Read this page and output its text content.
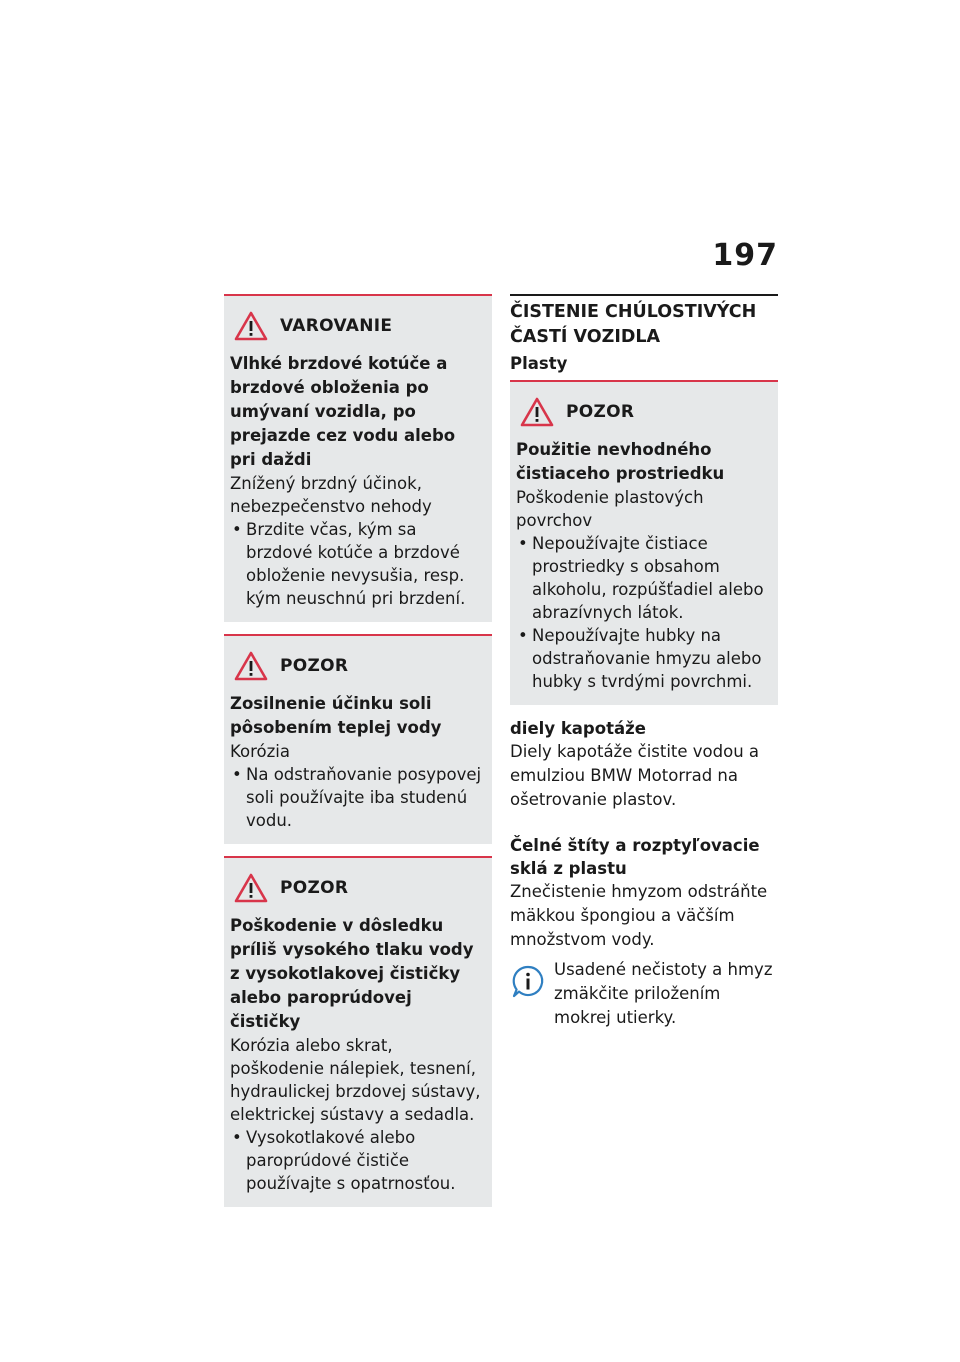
197
VAROVANIE
Vlhké brzdové kotúče a brzdové obloženia po umývaní vozidla, po prejazde cez vodu alebo pri daždi
Znížený brzdný účinok, nebezpečenstvo nehody
• Brzdite včas, kým sa brzdové kotúče a brzdové obloženie nevysušia, resp. kým neuschnú pri brzdení.
POZOR
Zosilnenie účinku soli pôsobením teplej vody
Korózia
• Na odstraňovanie posypovej soli používajte iba studenú vodu.
POZOR
Poškodenie v dôsledku príliš vysokého tlaku vody z vysokotlakovej čističky alebo paroprúdovej čističky
Korózia alebo skrat, poškodenie nálepiek, tesnení, hydraulickej brzdovej sústavy, elektrickej sústavy a sedadla.
• Vysokotlakové alebo paroprúdové čističe používajte s opatrnosťou.
ČISTENIE CHÚLOSTIVÝCH ČASTÍ VOZIDLA
Plasty
POZOR
Použitie nevhodného čistiaceho prostriedku
Poškodenie plastových povrchov
• Nepoužívajte čistiace prostriedky s obsahom alkoholu, rozpúšťadiel alebo abrazívnych látok.
• Nepoužívajte hubky na odstraňovanie hmyzu alebo hubky s tvrdými povrchmi.
diely kapotáže
Diely kapotáže čistite vodou a emulziou BMW Motorrad na ošetrovanie plastov.
Čelné štíty a rozptyľovacie sklá z plastu
Znečistenie hmyzom odstráňte mäkkou špongiou a väčším množstvom vody.
Usadené nečistoty a hmyz zmäkčite priložením mokrej utierky.
